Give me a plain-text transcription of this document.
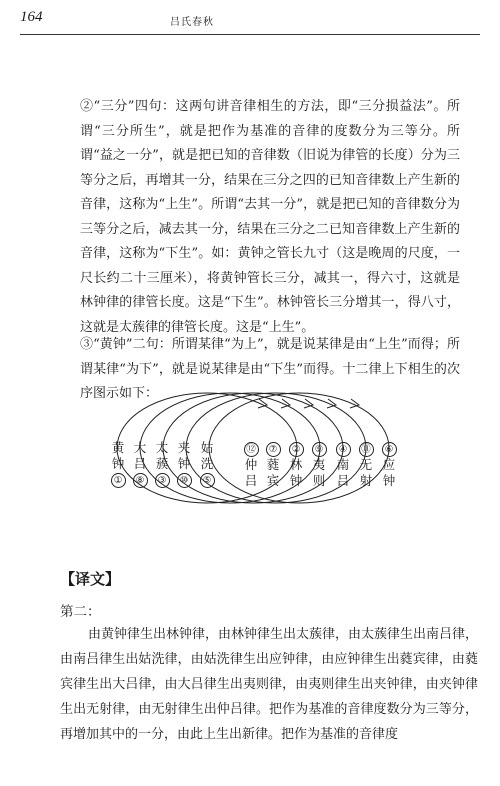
164	吕氏春秋

②“三分”四句：这两句讲音律相生的方法，即“三分损益法”。所谓“三分所生”，就是把作为基准的音律的度数分为三等分。所谓“益之一分”，就是把已知的音律数（旧说为律管的长度）分为三等分之后，再增其一分，结果在三分之四的已知音律数上产生新的音律，这称为“上生”。所谓“去其一分”，就是把已知的音律数分为三等分之后，减去其一分，结果在三分之二已知音律数上产生新的音律，这称为“下生”。如：黄钟之管长九寸（这是晚周的尺度，一尺长约二十三厘米），将黄钟管长三分，减其一，得六寸，这就是林钟律的律管长度。这是“下生”。林钟管长三分增其一，得八寸，这就是太蔟律的律管长度。这是“上生”。

③“黄钟”二句：所谓某律“为上”，就是说某律是由“上生”而得；所谓某律“为下”，就是说某律是由“下生”而得。十二律上下相生的次序图示如下：

黄
钟
①
大
吕
⑧
太
蔟
③
夹
钟
⑩
姑
洗
⑤
⑫
仲
吕
⑦
蕤
宾
②
林
钟
⑨
夷
则
④
南
吕
⑪
无
射
⑥
应
钟
【译文】
第二：

由黄钟律生出林钟律，由林钟律生出太蔟律，由太蔟律生出南吕律，由南吕律生出姑洗律，由姑洗律生出应钟律，由应钟律生出蕤宾律，由蕤宾律生出大吕律，由大吕律生出夷则律，由夷则律生出夹钟律，由夹钟律生出无射律，由无射律生出仲吕律。把作为基准的音律度数分为三等分，再增加其中的一分，由此上生出新律。把作为基准的音律度
